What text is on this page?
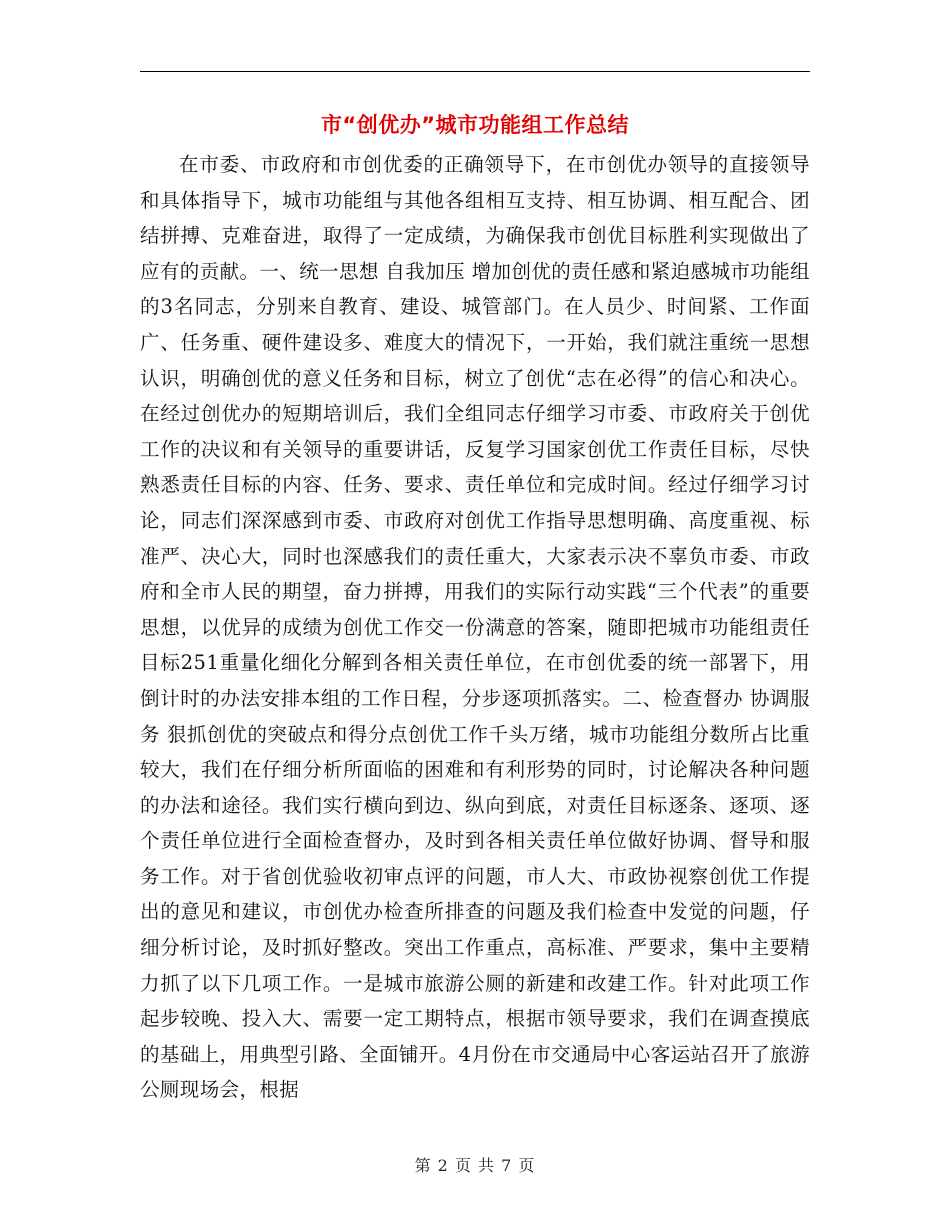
市“创优办”城市功能组工作总结

在市委、市政府和市创优委的正确领导下，在市创优办领导的直接领导和具体指导下，城市功能组与其他各组相互支持、相互协调、相互配合、团结拼搏、克难奋进，取得了一定成绩，为确保我市创优目标胜利实现做出了应有的贡献。一、统一思想 自我加压 增加创优的责任感和紧迫感城市功能组的3名同志，分别来自教育、建设、城管部门。在人员少、时间紧、工作面广、任务重、硬件建设多、难度大的情况下，一开始，我们就注重统一思想认识，明确创优的意义任务和目标，树立了创优“志在必得”的信心和决心。在经过创优办的短期培训后，我们全组同志仔细学习市委、市政府关于创优工作的决议和有关领导的重要讲话，反复学习国家创优工作责任目标，尽快熟悉责任目标的内容、任务、要求、责任单位和完成时间。经过仔细学习讨论，同志们深深感到市委、市政府对创优工作指导思想明确、高度重视、标准严、决心大，同时也深感我们的责任重大，大家表示决不辜负市委、市政府和全市人民的期望，奋力拼搏，用我们的实际行动实践“三个代表”的重要思想，以优异的成绩为创优工作交一份满意的答案，随即把城市功能组责任目标251重量化细化分解到各相关责任单位，在市创优委的统一部署下，用倒计时的办法安排本组的工作日程，分步逐项抓落实。二、检查督办 协调服务 狠抓创优的突破点和得分点创优工作千头万绪，城市功能组分数所占比重较大，我们在仔细分析所面临的困难和有利形势的同时，讨论解决各种问题的办法和途径。我们实行横向到边、纵向到底，对责任目标逐条、逐项、逐个责任单位进行全面检查督办，及时到各相关责任单位做好协调、督导和服务工作。对于省创优验收初审点评的问题，市人大、市政协视察创优工作提出的意见和建议，市创优办检查所排查的问题及我们检查中发觉的问题，仔细分析讨论，及时抓好整改。突出工作重点，高标准、严要求，集中主要精力抓了以下几项工作。一是城市旅游公厕的新建和改建工作。针对此项工作起步较晚、投入大、需要一定工期特点，根据市领导要求，我们在调查摸底的基础上，用典型引路、全面铺开。4月份在市交通局中心客运站召开了旅游公厕现场会，根据

第 2 页 共 7 页
